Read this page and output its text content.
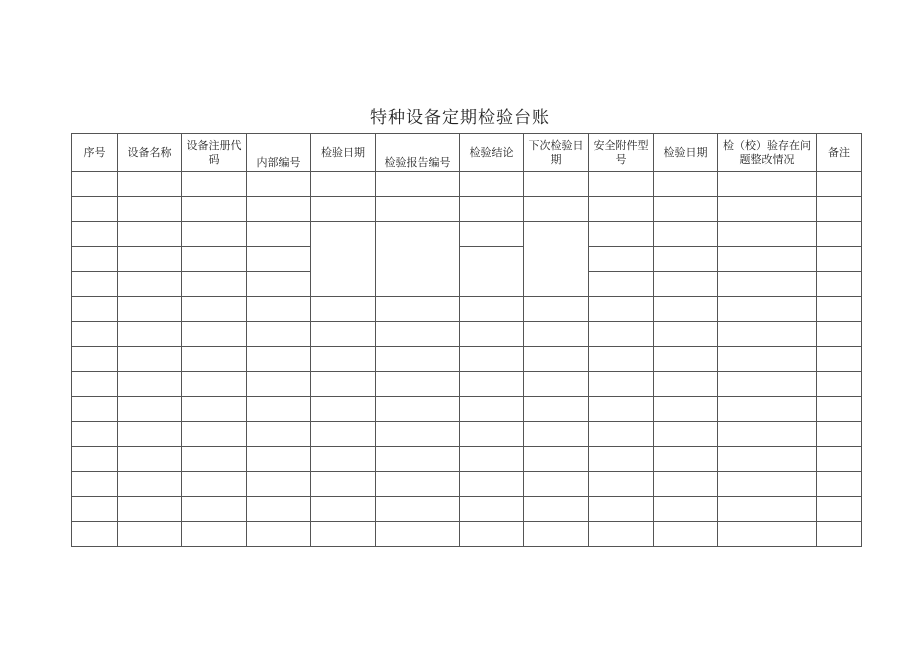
特种设备定期检验台账
序号	设备名称	设备注册代码	内部编号	检验日期	检验报告编号	检验结论	下次检验日期	安全附件型号	检验日期	检（校）验存在问题整改情况	备注
